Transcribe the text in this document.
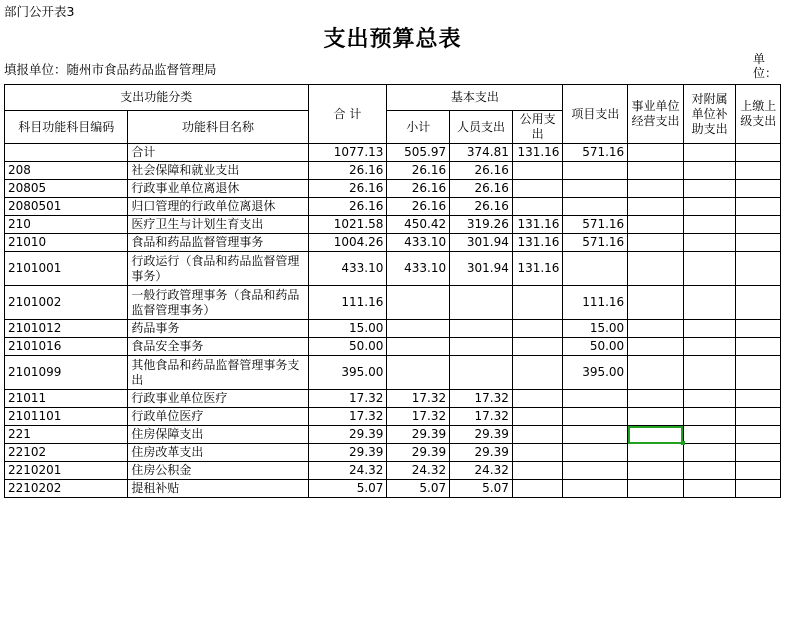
部门公开表3
支出预算总表
单位：
填报单位：随州市食品药品监督管理局
支出功能分类		合 计	基本支出			项目支出	事业单位经营支出	对附属单位补助支出	上缴上级支出
科目功能科目编码	功能科目名称		小计	人员支出	公用支出				
	合计	1077.13	505.97	374.81	131.16	571.16			
208	社会保障和就业支出	26.16	26.16	26.16					
20805	行政事业单位离退休	26.16	26.16	26.16					
2080501	归口管理的行政单位离退休	26.16	26.16	26.16					
210	医疗卫生与计划生育支出	1021.58	450.42	319.26	131.16	571.16			
21010	食品和药品监督管理事务	1004.26	433.10	301.94	131.16	571.16			
2101001	行政运行（食品和药品监督管理事务）	433.10	433.10	301.94	131.16				
2101002	一般行政管理事务（食品和药品监督管理事务）	111.16				111.16			
2101012	药品事务	15.00				15.00			
2101016	食品安全事务	50.00				50.00			
2101099	其他食品和药品监督管理事务支出	395.00				395.00			
21011	行政事业单位医疗	17.32	17.32	17.32					
2101101	行政单位医疗	17.32	17.32	17.32					
221	住房保障支出	29.39	29.39	29.39					
22102	住房改革支出	29.39	29.39	29.39					
2210201	住房公积金	24.32	24.32	24.32					
2210202	提租补贴	5.07	5.07	5.07					
